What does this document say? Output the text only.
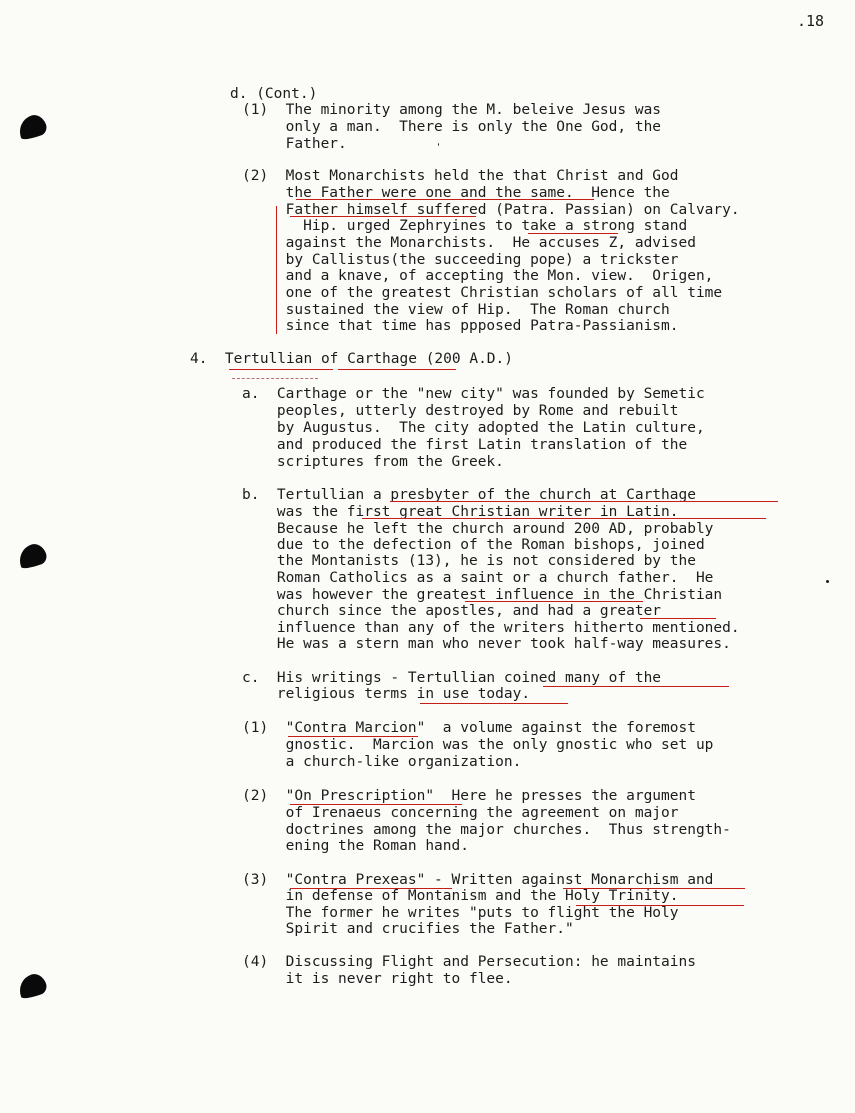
.18
d. (Cont.)
(1)  The minority among the M. beleive Jesus was
only a man.  There is only the One God, the
Father.
(2)  Most Monarchists held the that Christ and God
the Father were one and the same.  Hence the
Father himself suffered (Patra. Passian) on Calvary.
Hip. urged Zephryines to take a strong stand
against the Monarchists.  He accuses Z, advised
by Callistus(the succeeding pope) a trickster
and a knave, of accepting the Mon. view.  Origen,
one of the greatest Christian scholars of all time
sustained the view of Hip.  The Roman church
since that time has ppposed Patra-Passianism.
4.  Tertullian of Carthage (200 A.D.)
a.  Carthage or the "new city" was founded by Semetic
peoples, utterly destroyed by Rome and rebuilt
by Augustus.  The city adopted the Latin culture,
and produced the first Latin translation of the
scriptures from the Greek.
b.  Tertullian a presbyter of the church at Carthage
was the first great Christian writer in Latin.
Because he left the church around 200 AD, probably
due to the defection of the Roman bishops, joined
the Montanists (13), he is not considered by the
Roman Catholics as a saint or a church father.  He
was however the greatest influence in the Christian
church since the apostles, and had a greater
influence than any of the writers hitherto mentioned.
He was a stern man who never took half-way measures.
c.  His writings - Tertullian coined many of the
religious terms in use today.
(1)  "Contra Marcion"  a volume against the foremost
gnostic.  Marcion was the only gnostic who set up
a church-like organization.
(2)  "On Prescription"  Here he presses the argument
of Irenaeus concerning the agreement on major
doctrines among the major churches.  Thus strength-
ening the Roman hand.
(3)  "Contra Prexeas" - Written against Monarchism and
in defense of Montanism and the Holy Trinity.
The former he writes "puts to flight the Holy
Spirit and crucifies the Father."
(4)  Discussing Flight and Persecution: he maintains
it is never right to flee.
